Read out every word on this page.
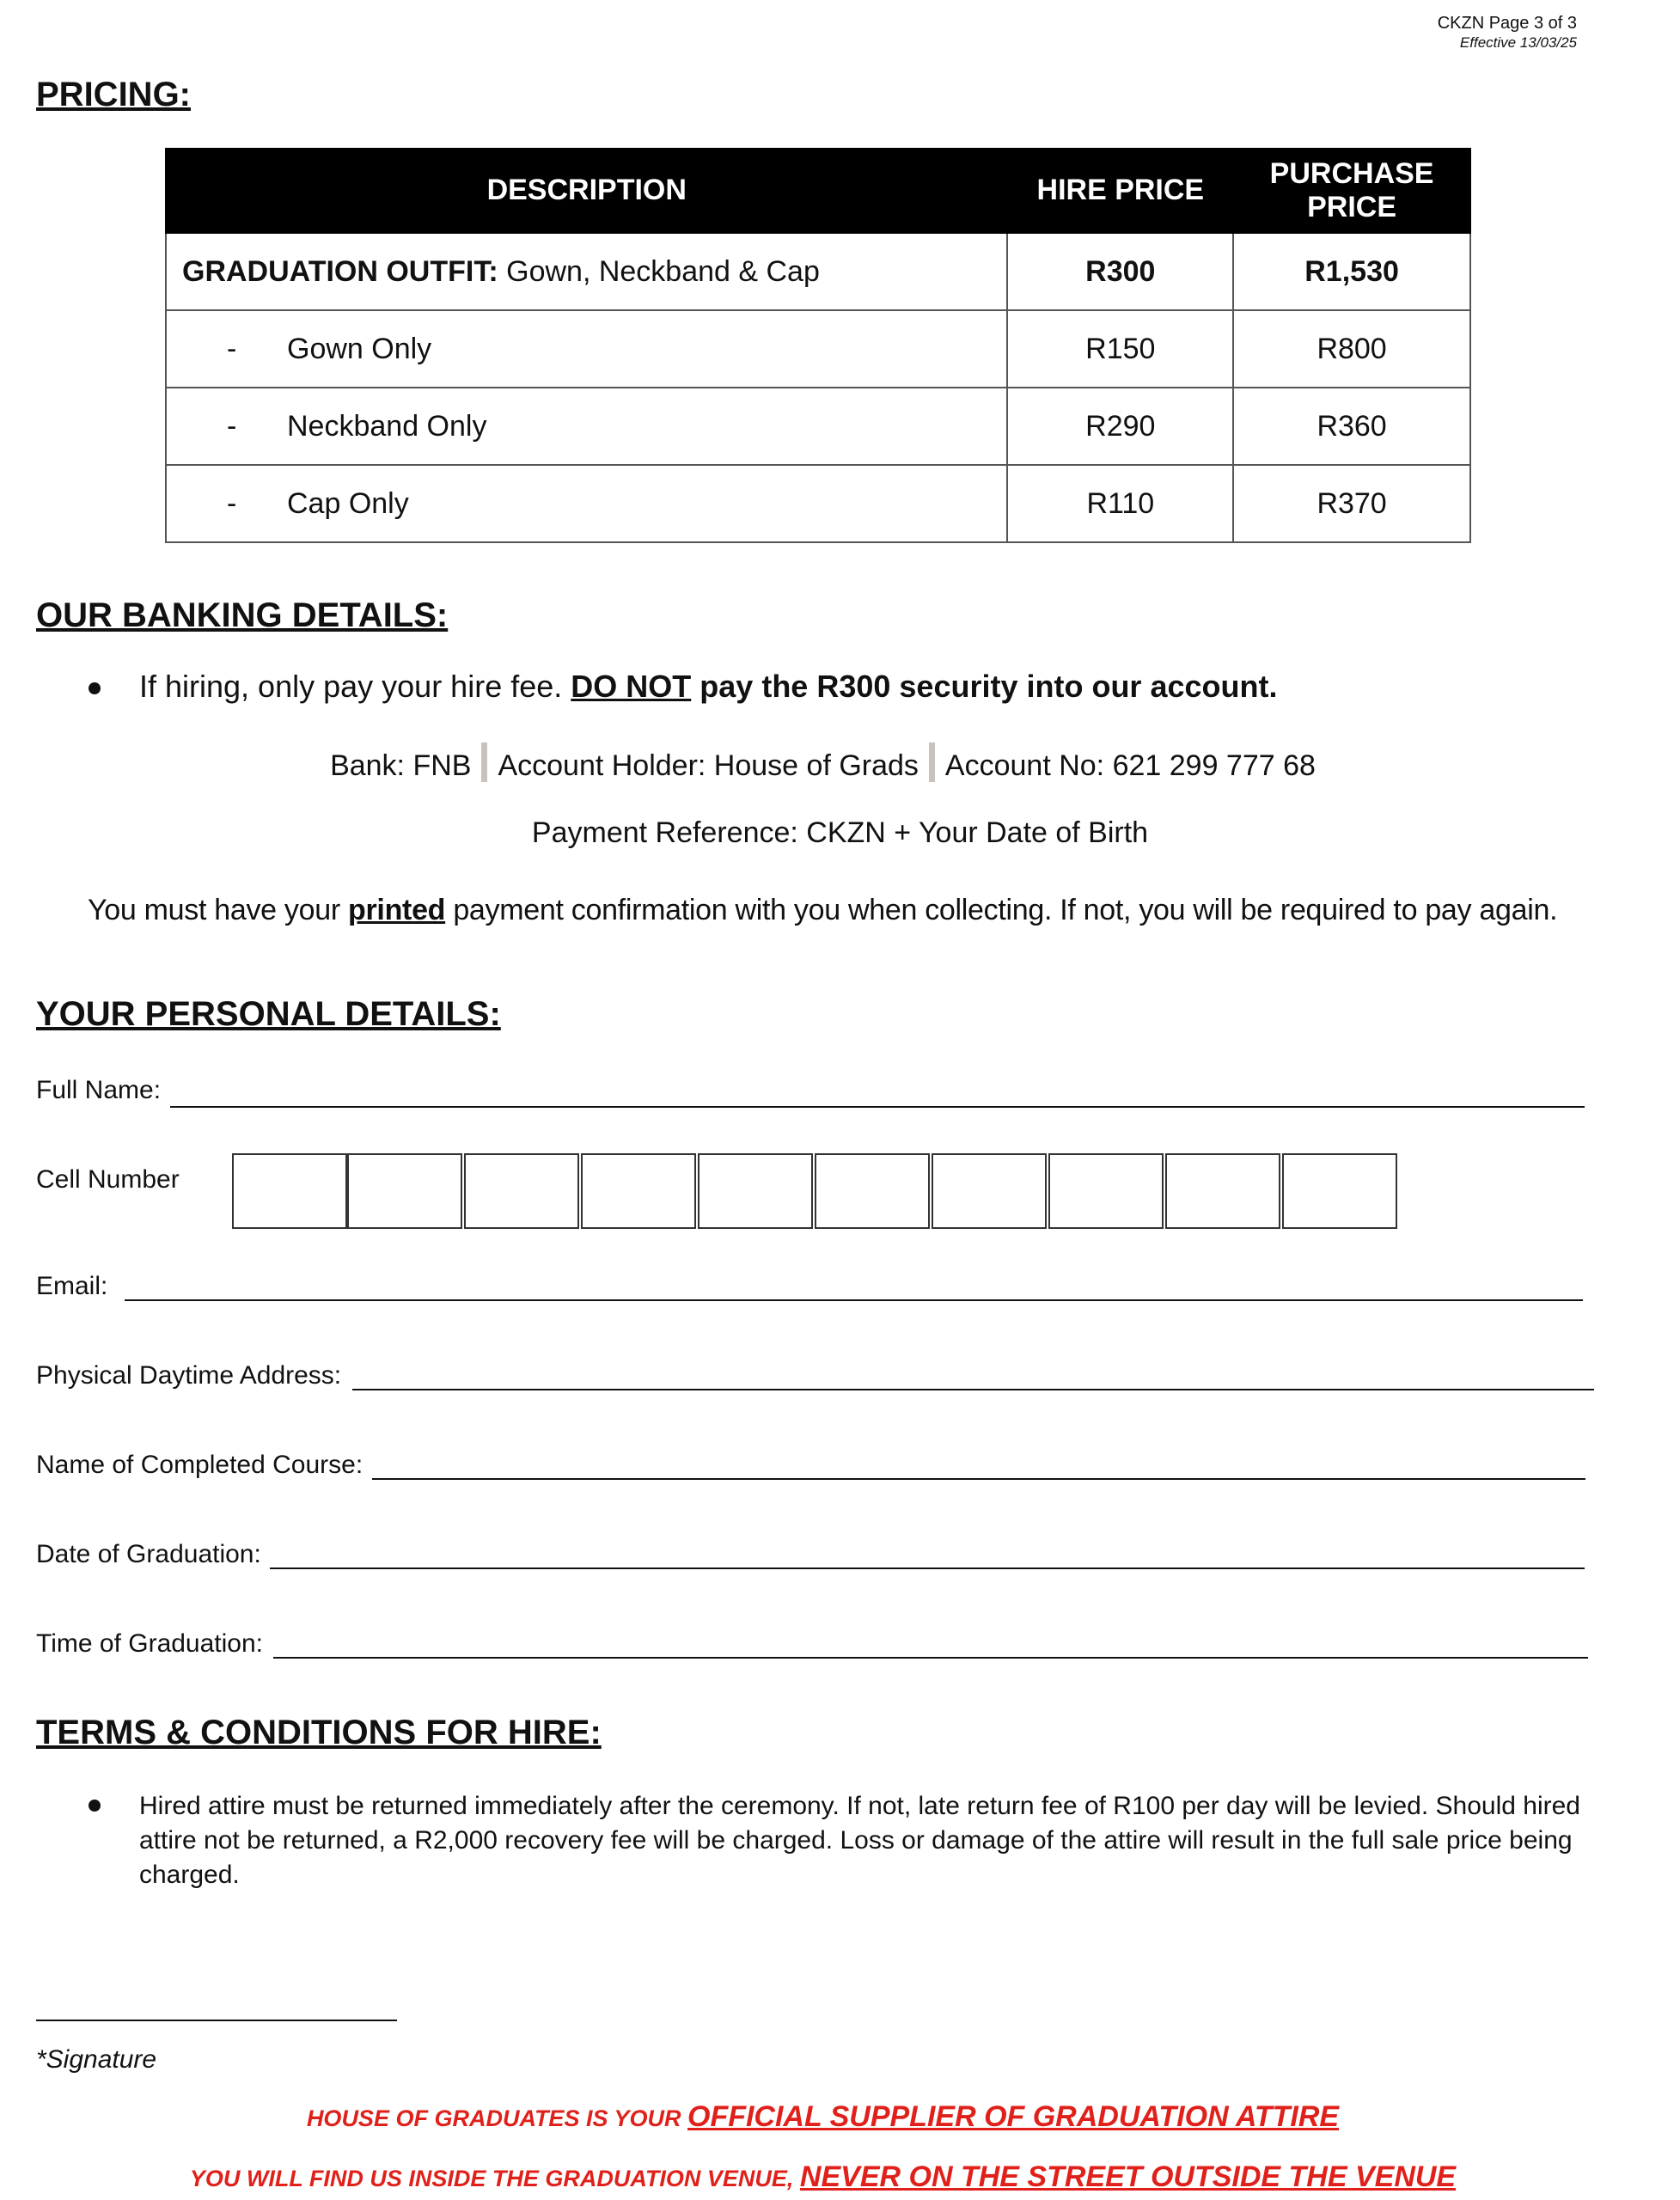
CKZN Page 3 of 3
Effective 13/03/25
PRICING:
DESCRIPTION	HIRE PRICE	PURCHASE
PRICE
GRADUATION OUTFIT: Gown, Neckband & Cap	R300	R1,530
- Gown Only	R150	R800
- Neckband Only	R290	R360
- Cap Only	R110	R370
OUR BANKING DETAILS:
If hiring, only pay your hire fee. DO NOT pay the R300 security into our account.
Bank: FNB Account Holder: House of Grads Account No: 621 299 777 68
Payment Reference: CKZN + Your Date of Birth
You must have your printed payment confirmation with you when collecting. If not, you will be required to pay again.
YOUR PERSONAL DETAILS:
Full Name:
Cell Number
Email:
Physical Daytime Address:
Name of Completed Course:
Date of Graduation:
Time of Graduation:
TERMS & CONDITIONS FOR HIRE:
Hired attire must be returned immediately after the ceremony. If not, late return fee of R100 per day will be levied. Should hired
attire not be returned, a R2,000 recovery fee will be charged. Loss or damage of the attire will result in the full sale price being
charged.
*Signature
HOUSE OF GRADUATES IS YOUR OFFICIAL SUPPLIER OF GRADUATION ATTIRE
YOU WILL FIND US INSIDE THE GRADUATION VENUE, NEVER ON THE STREET OUTSIDE THE VENUE
